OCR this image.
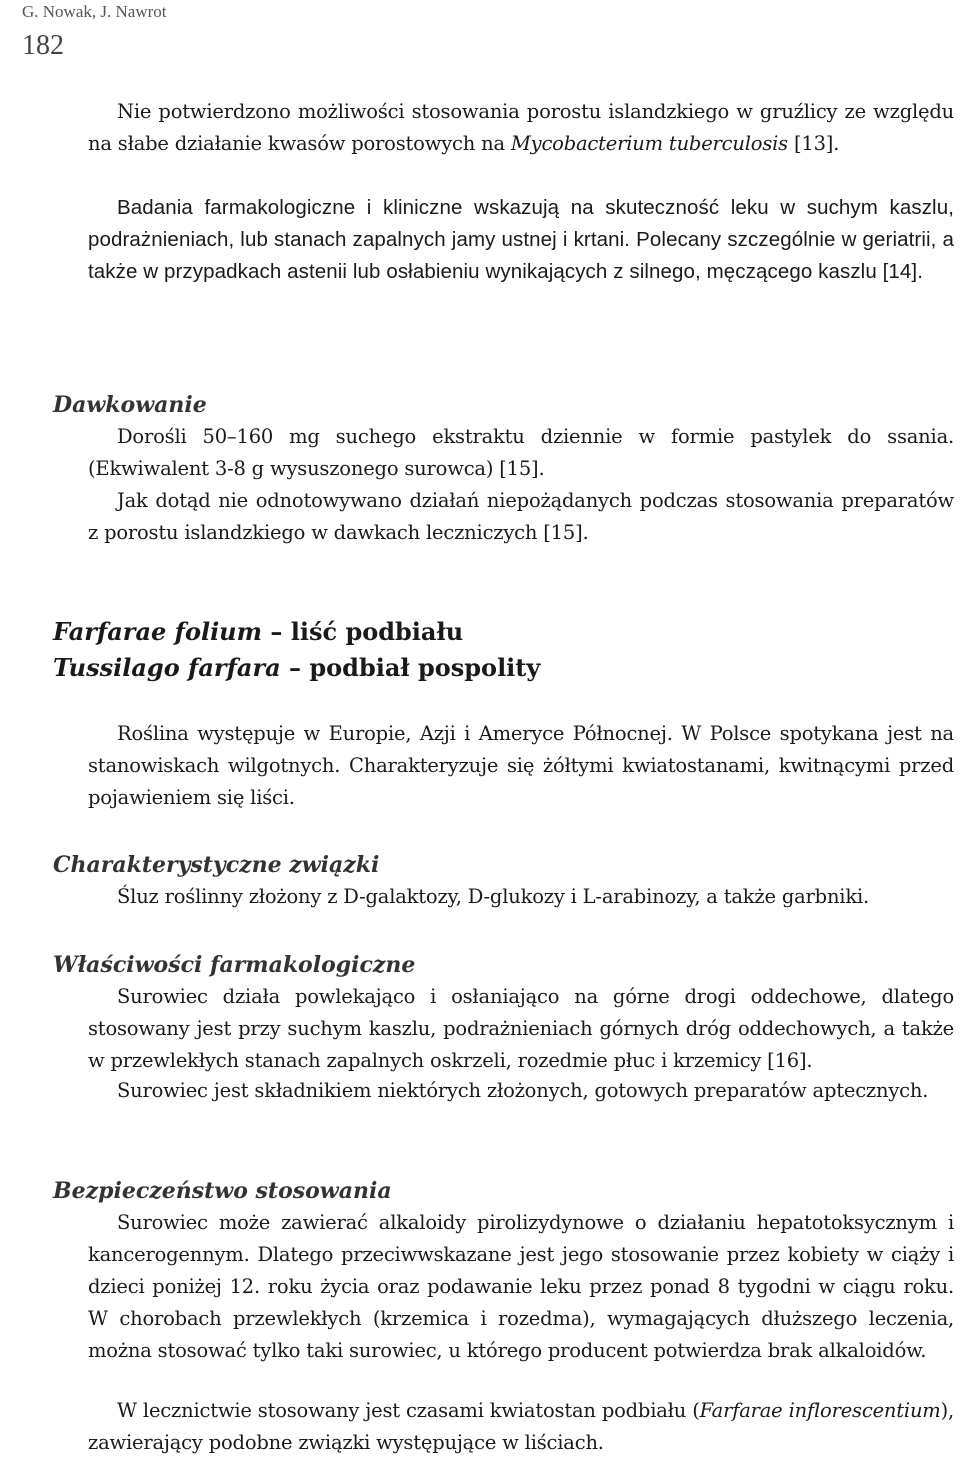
G. Nowak, J. Nawrot
182

Nie potwierdzono możliwości stosowania porostu islandzkiego w gruźlicy ze względu na słabe działanie kwasów porostowych na Mycobacterium tuberculosis [13].

Badania farmakologiczne i kliniczne wskazują na skuteczność leku w suchym kaszlu, podrażnieniach, lub stanach zapalnych jamy ustnej i krtani. Polecany szczególnie w geriatrii, a także w przypadkach astenii lub osłabieniu wynikających z silnego, męczącego kaszlu [14].

Dawkowanie

Dorośli 50–160 mg suchego ekstraktu dziennie w formie pastylek do ssania. (Ekwiwalent 3-8 g wysuszonego surowca) [15].

Jak dotąd nie odnotowywano działań niepożądanych podczas stosowania preparatów z porostu islandzkiego w dawkach leczniczych [15].

Farfarae folium – liść podbiału
Tussilago farfara – podbiał pospolity

Roślina występuje w Europie, Azji i Ameryce Północnej. W Polsce spotykana jest na stanowiskach wilgotnych. Charakteryzuje się żółtymi kwiatostanami, kwitnącymi przed pojawieniem się liści.

Charakterystyczne związki

Śluz roślinny złożony z D-galaktozy, D-glukozy i L-arabinozy, a także garbniki.

Właściwości farmakologiczne

Surowiec działa powlekająco i osłaniająco na górne drogi oddechowe, dlatego stosowany jest przy suchym kaszlu, podrażnieniach górnych dróg oddechowych, a także w przewlekłych stanach zapalnych oskrzeli, rozedmie płuc i krzemicy [16].

Surowiec jest składnikiem niektórych złożonych, gotowych preparatów aptecznych.

Bezpieczeństwo stosowania

Surowiec może zawierać alkaloidy pirolizydynowe o działaniu hepatotoksycznym i kancerogennym. Dlatego przeciwwskazane jest jego stosowanie przez kobiety w ciąży i dzieci poniżej 12. roku życia oraz podawanie leku przez ponad 8 tygodni w ciągu roku. W chorobach przewlekłych (krzemica i rozedma), wymagających dłuższego leczenia, można stosować tylko taki surowiec, u którego producent potwierdza brak alkaloidów.

W lecznictwie stosowany jest czasami kwiatostan podbiału (Farfarae inflorescentium), zawierający podobne związki występujące w liściach.
